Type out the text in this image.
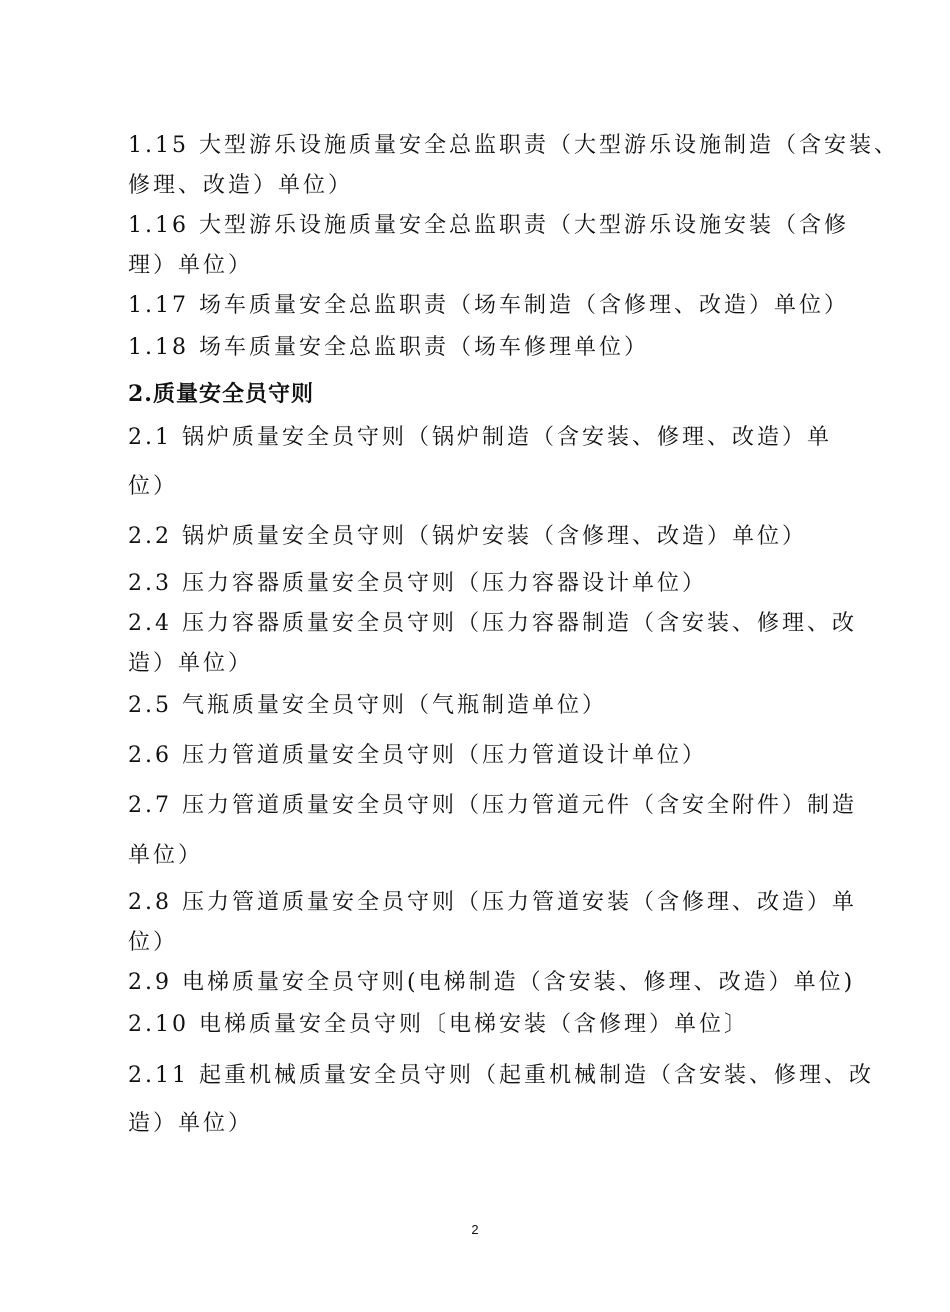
1.15 大型游乐设施质量安全总监职责（大型游乐设施制造（含安装、
修理、改造）单位）
1.16 大型游乐设施质量安全总监职责（大型游乐设施安装（含修
理）单位）
1.17 场车质量安全总监职责（场车制造（含修理、改造）单位）
1.18 场车质量安全总监职责（场车修理单位）
2.质量安全员守则
2.1 锅炉质量安全员守则（锅炉制造（含安装、修理、改造）单
位）
2.2 锅炉质量安全员守则（锅炉安装（含修理、改造）单位）
2.3 压力容器质量安全员守则（压力容器设计单位）
2.4 压力容器质量安全员守则（压力容器制造（含安装、修理、改
造）单位）
2.5 气瓶质量安全员守则（气瓶制造单位）
2.6 压力管道质量安全员守则（压力管道设计单位）
2.7 压力管道质量安全员守则（压力管道元件（含安全附件）制造
单位）
2.8 压力管道质量安全员守则（压力管道安装（含修理、改造）单
位）
2.9 电梯质量安全员守则(电梯制造（含安装、修理、改造）单位)
2.10 电梯质量安全员守则〔电梯安装（含修理）单位〕
2.11 起重机械质量安全员守则（起重机械制造（含安装、修理、改
造）单位）
2
